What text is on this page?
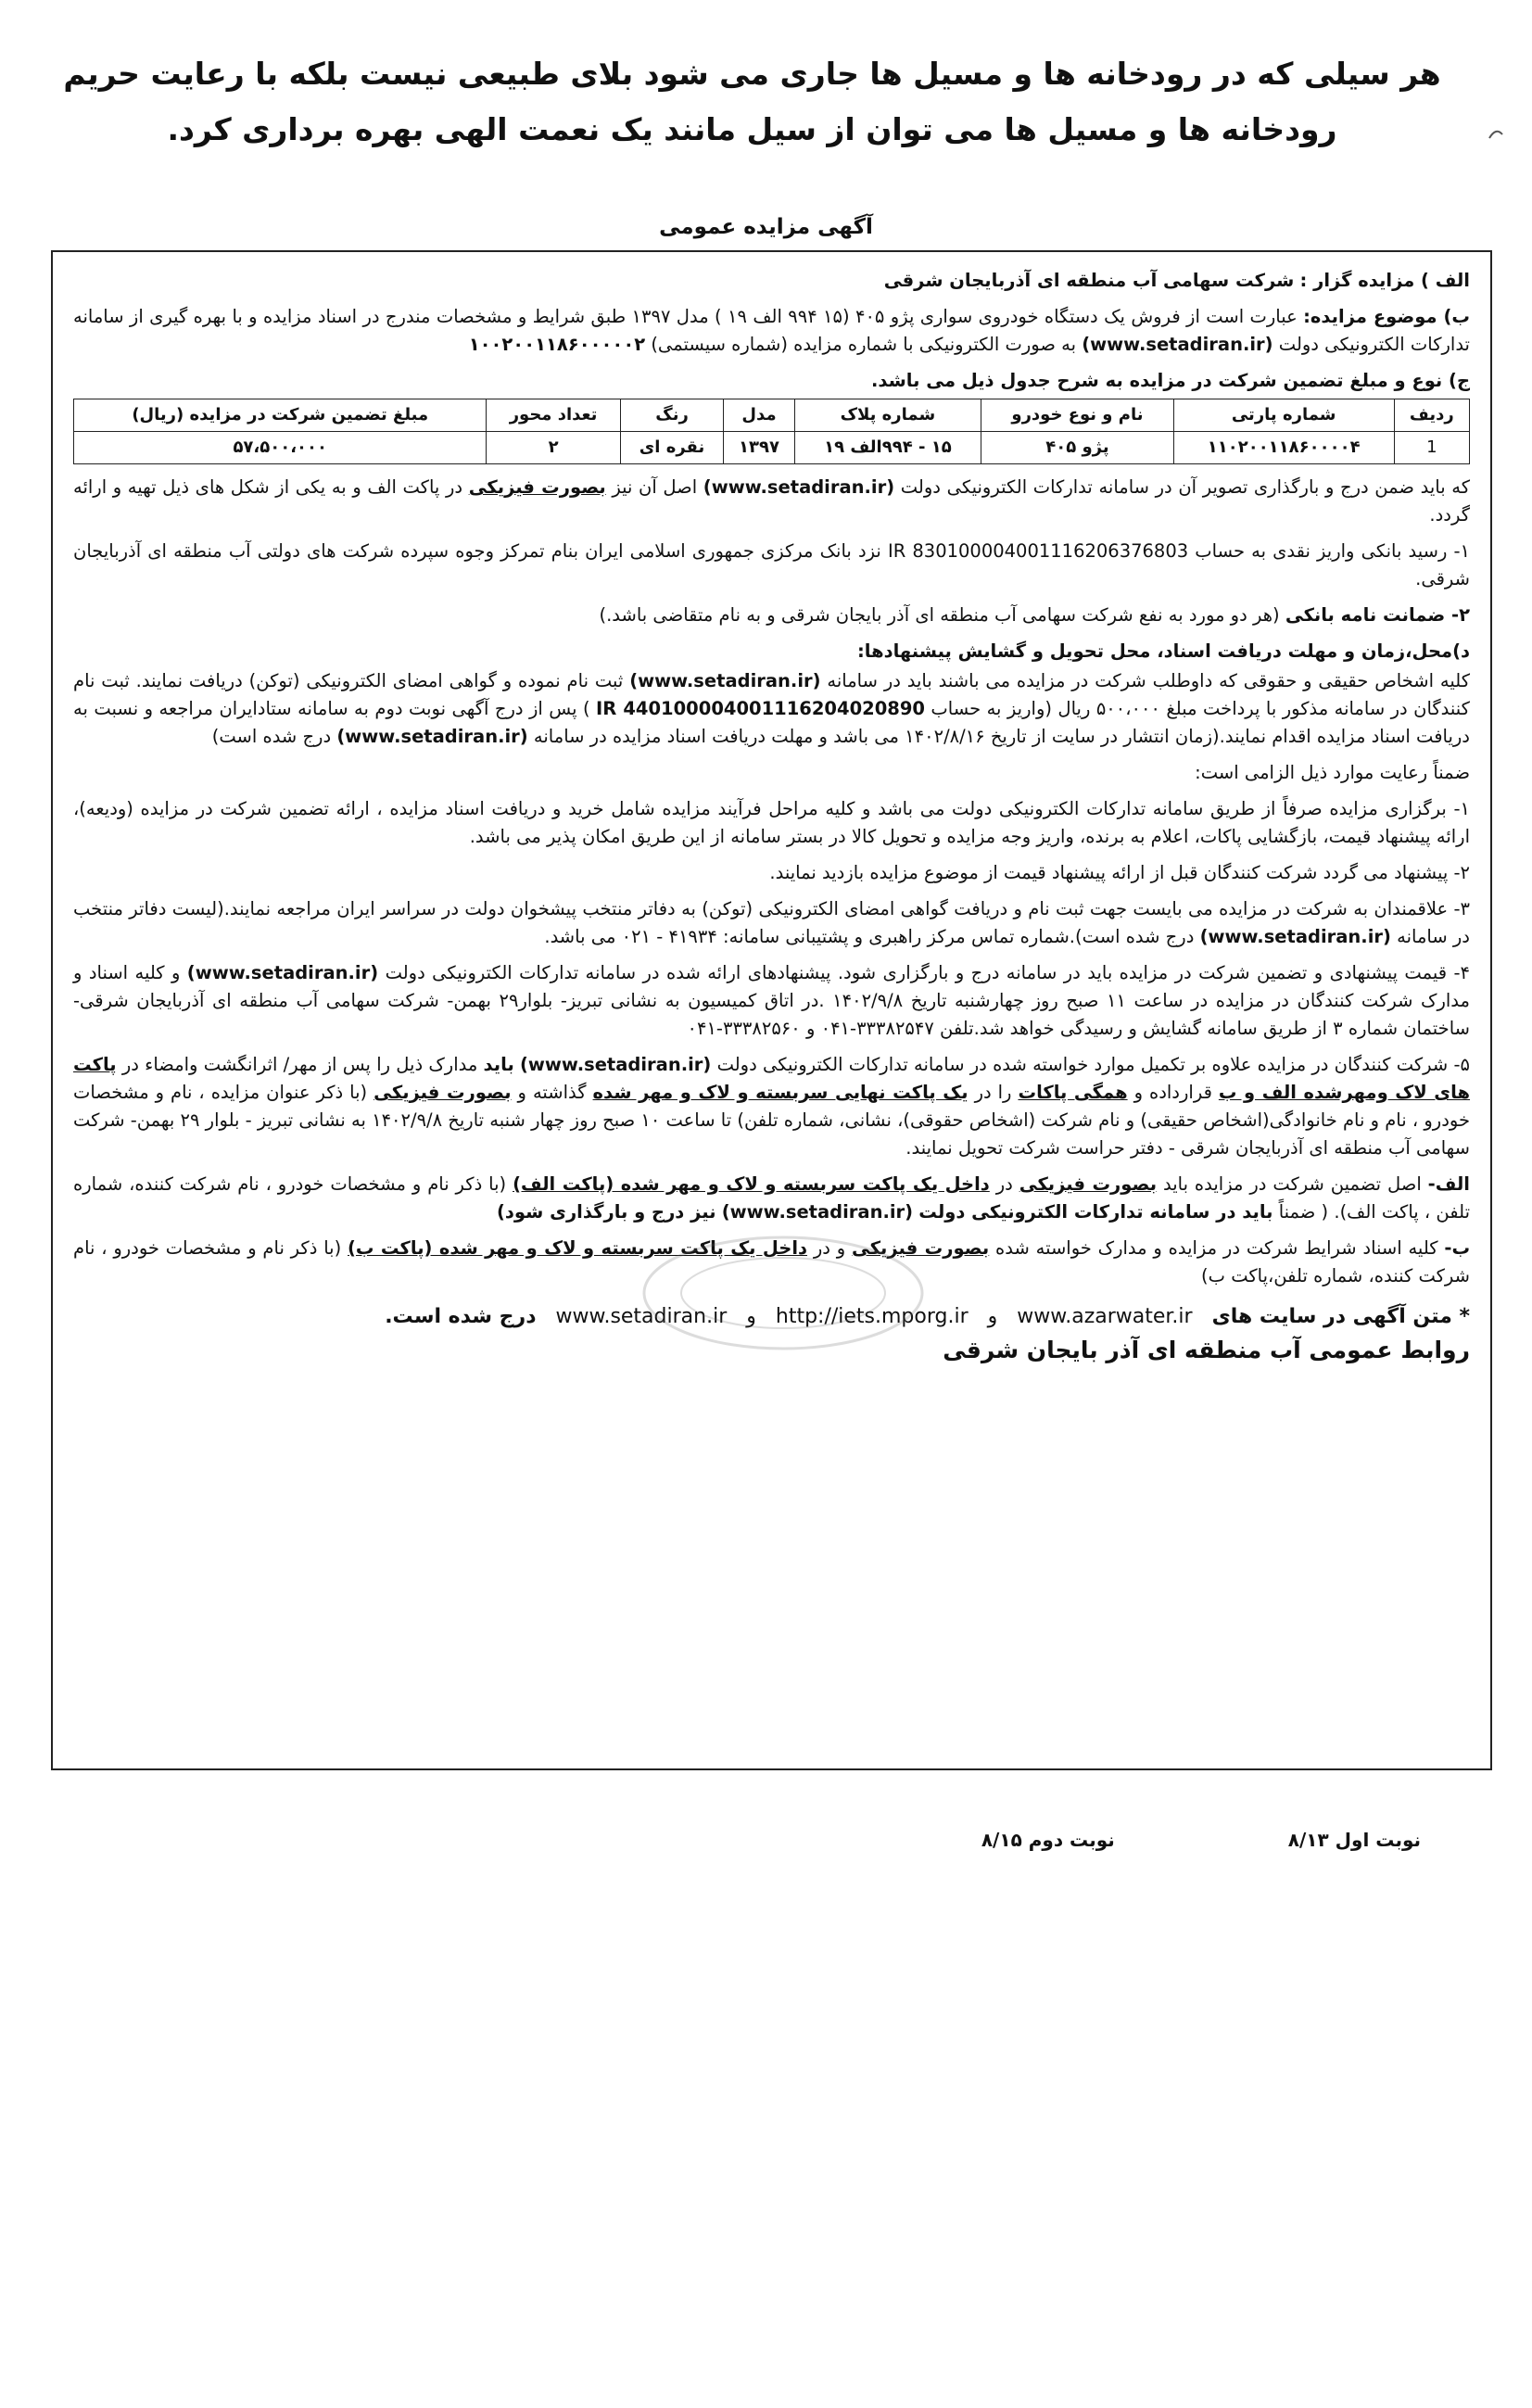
هر سیلی که در رودخانه ها و مسیل ها جاری می شود بلای طبیعی نیست بلکه با رعایت حریم
رودخانه ها و مسیل ها می توان از سیل مانند یک نعمت الهی بهره برداری کرد.
آگهی مزایده عمومی

الف ) مزایده گزار : شرکت سهامی آب منطقه ای آذربایجان شرقی

ب) موضوع مزایده: عبارت است از فروش یک دستگاه خودروی سواری پژو ۴۰۵ (۱۵ ۹۹۴ الف ۱۹ ) مدل ۱۳۹۷ طبق شرایط و مشخصات مندرج در اسناد مزایده و با بهره گیری از سامانه تدارکات الکترونیکی دولت (www.setadiran.ir) به صورت الکترونیکی با شماره مزایده (شماره سیستمی) ۱۰۰۲۰۰۱۱۸۶۰۰۰۰۰۲

ج) نوع و مبلغ تضمین شرکت در مزایده به شرح جدول ذیل می باشد.

ردیف	شماره پارتی	نام و نوع خودرو	شماره پلاک	مدل	رنگ	تعداد محور	مبلغ تضمین شرکت در مزایده (ریال)
1	۱۱۰۲۰۰۱۱۸۶۰۰۰۰۴	پژو ۴۰۵	۱۵ - ۹۹۴الف ۱۹	۱۳۹۷	نقره ای	۲	۵۷،۵۰۰،۰۰۰

که باید ضمن درج و بارگذاری تصویر آن در سامانه تدارکات الکترونیکی دولت (www.setadiran.ir) اصل آن نیز بصورت فیزیکی در پاکت الف و به یکی از شکل های ذیل تهیه و ارائه گردد.

۱- رسید بانکی واریز نقدی به حساب IR 830100004001116206376803 نزد بانک مرکزی جمهوری اسلامی ایران بنام تمرکز وجوه سپرده شرکت های دولتی آب منطقه ای آذربایجان شرقی.

۲- ضمانت نامه بانکی (هر دو مورد به نفع شرکت سهامی آب منطقه ای آذر بایجان شرقی و به نام متقاضی باشد.)

د)محل،زمان و مهلت دریافت اسناد، محل تحویل و گشایش پیشنهادها:

کلیه اشخاص حقیقی و حقوقی که داوطلب شرکت در مزایده می باشند باید در سامانه (www.setadiran.ir) ثبت نام نموده و گواهی امضای الکترونیکی (توکن) دریافت نمایند. ثبت نام کنندگان در سامانه مذکور با پرداخت مبلغ ۵۰۰،۰۰۰ ریال (واریز به حساب IR 440100004001116204020890 ) پس از درج آگهی نوبت دوم به سامانه ستادایران مراجعه و نسبت به دریافت اسناد مزایده اقدام نمایند.(زمان انتشار در سایت از تاریخ ۱۴۰۲/۸/۱۶ می باشد و مهلت دریافت اسناد مزایده در سامانه (www.setadiran.ir) درج شده است)

ضمناً رعایت موارد ذیل الزامی است:

۱- برگزاری مزایده صرفاً از طریق سامانه تدارکات الکترونیکی دولت می باشد و کلیه مراحل فرآیند مزایده شامل خرید و دریافت اسناد مزایده ، ارائه تضمین شرکت در مزایده (ودیعه)، ارائه پیشنهاد قیمت، بازگشایی پاکات، اعلام به برنده، واریز وجه مزایده و تحویل کالا در بستر سامانه از این طریق امکان پذیر می باشد.

۲- پیشنهاد می گردد شرکت کنندگان قبل از ارائه پیشنهاد قیمت از موضوع مزایده بازدید نمایند.

۳- علاقمندان به شرکت در مزایده می بایست جهت ثبت نام و دریافت گواهی امضای الکترونیکی (توکن) به دفاتر منتخب پیشخوان دولت در سراسر ایران مراجعه نمایند.(لیست دفاتر منتخب در سامانه (www.setadiran.ir) درج شده است).شماره تماس مرکز راهبری و پشتیبانی سامانه: ۴۱۹۳۴ - ۰۲۱ می باشد.

۴- قیمت پیشنهادی و تضمین شرکت در مزایده باید در سامانه درج و بارگزاری شود. پیشنهادهای ارائه شده در سامانه تدارکات الکترونیکی دولت (www.setadiran.ir) و کلیه اسناد و مدارک شرکت کنندگان در مزایده در ساعت ۱۱ صبح روز چهارشنبه تاریخ ۱۴۰۲/۹/۸ .در اتاق کمیسیون به نشانی تبریز- بلوار۲۹ بهمن- شرکت سهامی آب منطقه ای آذربایجان شرقی- ساختمان شماره ۳ از طریق سامانه گشایش و رسیدگی خواهد شد.تلفن ۳۳۳۸۲۵۴۷-۰۴۱ و ۳۳۳۸۲۵۶۰-۰۴۱

۵- شرکت کنندگان در مزایده علاوه بر تکمیل موارد خواسته شده در سامانه تدارکات الکترونیکی دولت (www.setadiran.ir) باید مدارک ذیل را پس از مهر/ اثرانگشت وامضاء در پاکت های لاک ومهرشده الف و ب قرارداده و همگی پاکات را در یک پاکت نهایی سربسته و لاک و مهر شده گذاشته و بصورت فیزیکی (با ذکر عنوان مزایده ، نام و مشخصات خودرو ، نام و نام خانوادگی(اشخاص حقیقی) و نام شرکت (اشخاص حقوقی)، نشانی، شماره تلفن) تا ساعت ۱۰ صبح روز چهار شنبه تاریخ ۱۴۰۲/۹/۸ به نشانی تبریز - بلوار ۲۹ بهمن- شرکت سهامی آب منطقه ای آذربایجان شرقی - دفتر حراست شرکت تحویل نمایند.

الف- اصل تضمین شرکت در مزایده باید بصورت فیزیکی در داخل یک پاکت سربسته و لاک و مهر شده (پاکت الف) (با ذکر نام و مشخصات خودرو ، نام شرکت کننده، شماره تلفن ، پاکت الف). ( ضمناً باید در سامانه تدارکات الکترونیکی دولت (www.setadiran.ir) نیز درج و بارگذاری شود)

ب- کلیه اسناد شرایط شرکت در مزایده و مدارک خواسته شده بصورت فیزیکی و در داخل یک پاکت سربسته و لاک و مهر شده (پاکت ب) (با ذکر نام و مشخصات خودرو ، نام شرکت کننده، شماره تلفن،پاکت ب)

* متن آگهی در سایت های www.azarwater.ir و http://iets.mporg.ir و www.setadiran.ir درج شده است.
روابط عمومی آب منطقه ای آذر بایجان شرقی
نوبت اول ۸/۱۳ نوبت دوم ۸/۱۵
